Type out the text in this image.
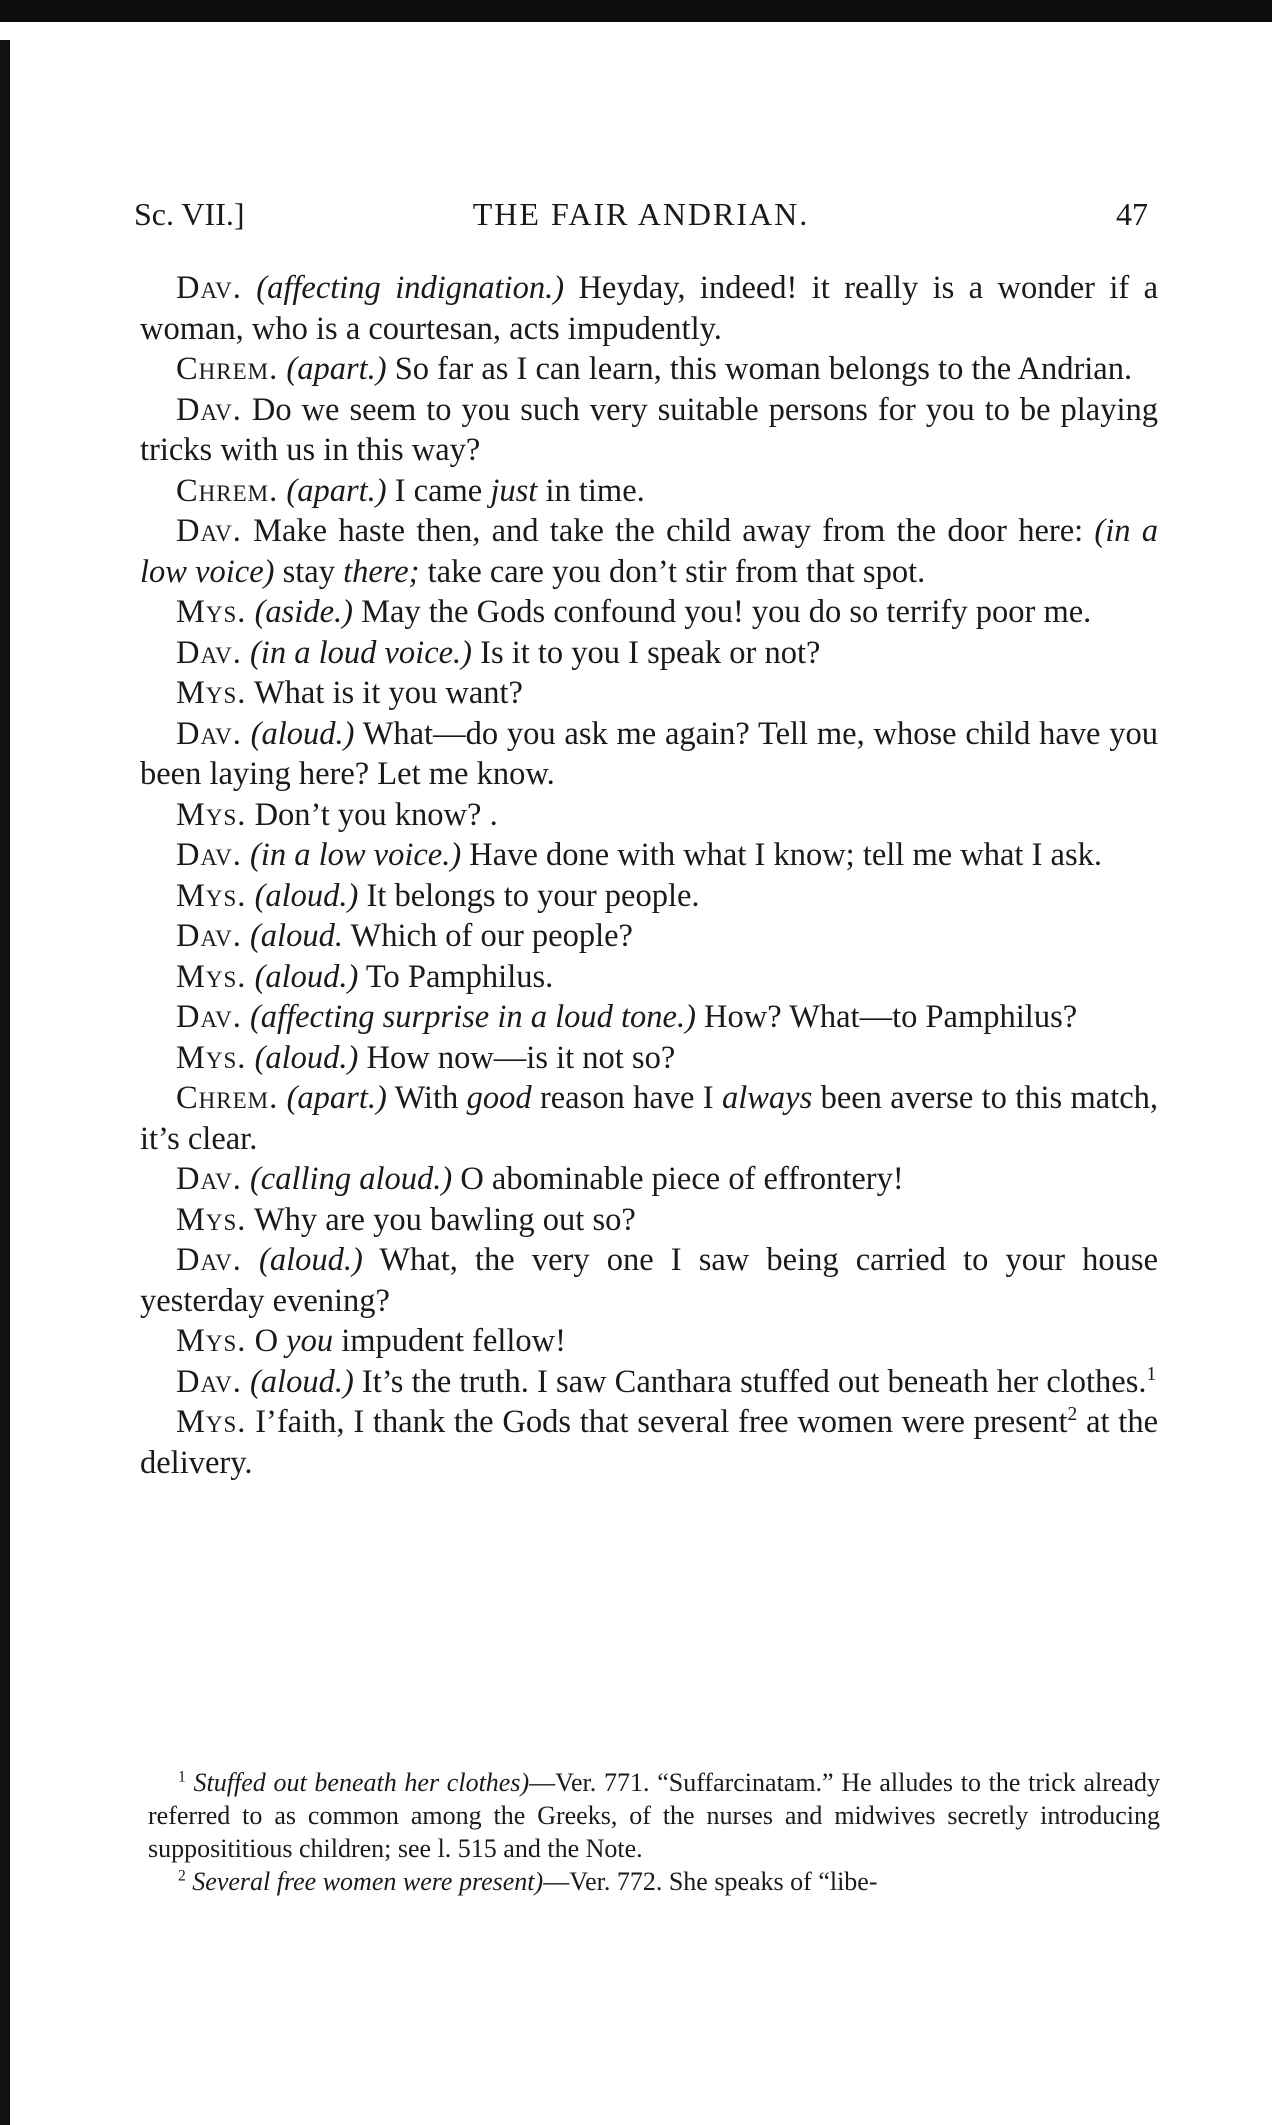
Sc. VII.]	THE FAIR ANDRIAN.	47

Dav. (affecting indignation.) Heyday, indeed! it really is a wonder if a woman, who is a courtesan, acts impudently.

Chrem. (apart.) So far as I can learn, this woman belongs to the Andrian.

Dav. Do we seem to you such very suitable persons for you to be playing tricks with us in this way?

Chrem. (apart.) I came just in time.

Dav. Make haste then, and take the child away from the door here: (in a low voice) stay there; take care you don’t stir from that spot.

Mys. (aside.) May the Gods confound you! you do so terrify poor me.

Dav. (in a loud voice.) Is it to you I speak or not?

Mys. What is it you want?

Dav. (aloud.) What—do you ask me again? Tell me, whose child have you been laying here? Let me know.

Mys. Don’t you know? .

Dav. (in a low voice.) Have done with what I know; tell me what I ask.

Mys. (aloud.) It belongs to your people.

Dav. (aloud. Which of our people?

Mys. (aloud.) To Pamphilus.

Dav. (affecting surprise in a loud tone.) How? What—to Pamphilus?

Mys. (aloud.) How now—is it not so?

Chrem. (apart.) With good reason have I always been averse to this match, it’s clear.

Dav. (calling aloud.) O abominable piece of effrontery!

Mys. Why are you bawling out so?

Dav. (aloud.) What, the very one I saw being carried to your house yesterday evening?

Mys. O you impudent fellow!

Dav. (aloud.) It’s the truth. I saw Canthara stuffed out beneath her clothes.$^1$

Mys. I’faith, I thank the Gods that several free women were present$^2$ at the delivery.

$^1$ Stuffed out beneath her clothes)—Ver. 771. “Suffarcinatam.” He alludes to the trick already referred to as common among the Greeks, of the nurses and midwives secretly introducing supposititious children; see l. 515 and the Note.

$^2$ Several free women were present)—Ver. 772. She speaks of “libe-
